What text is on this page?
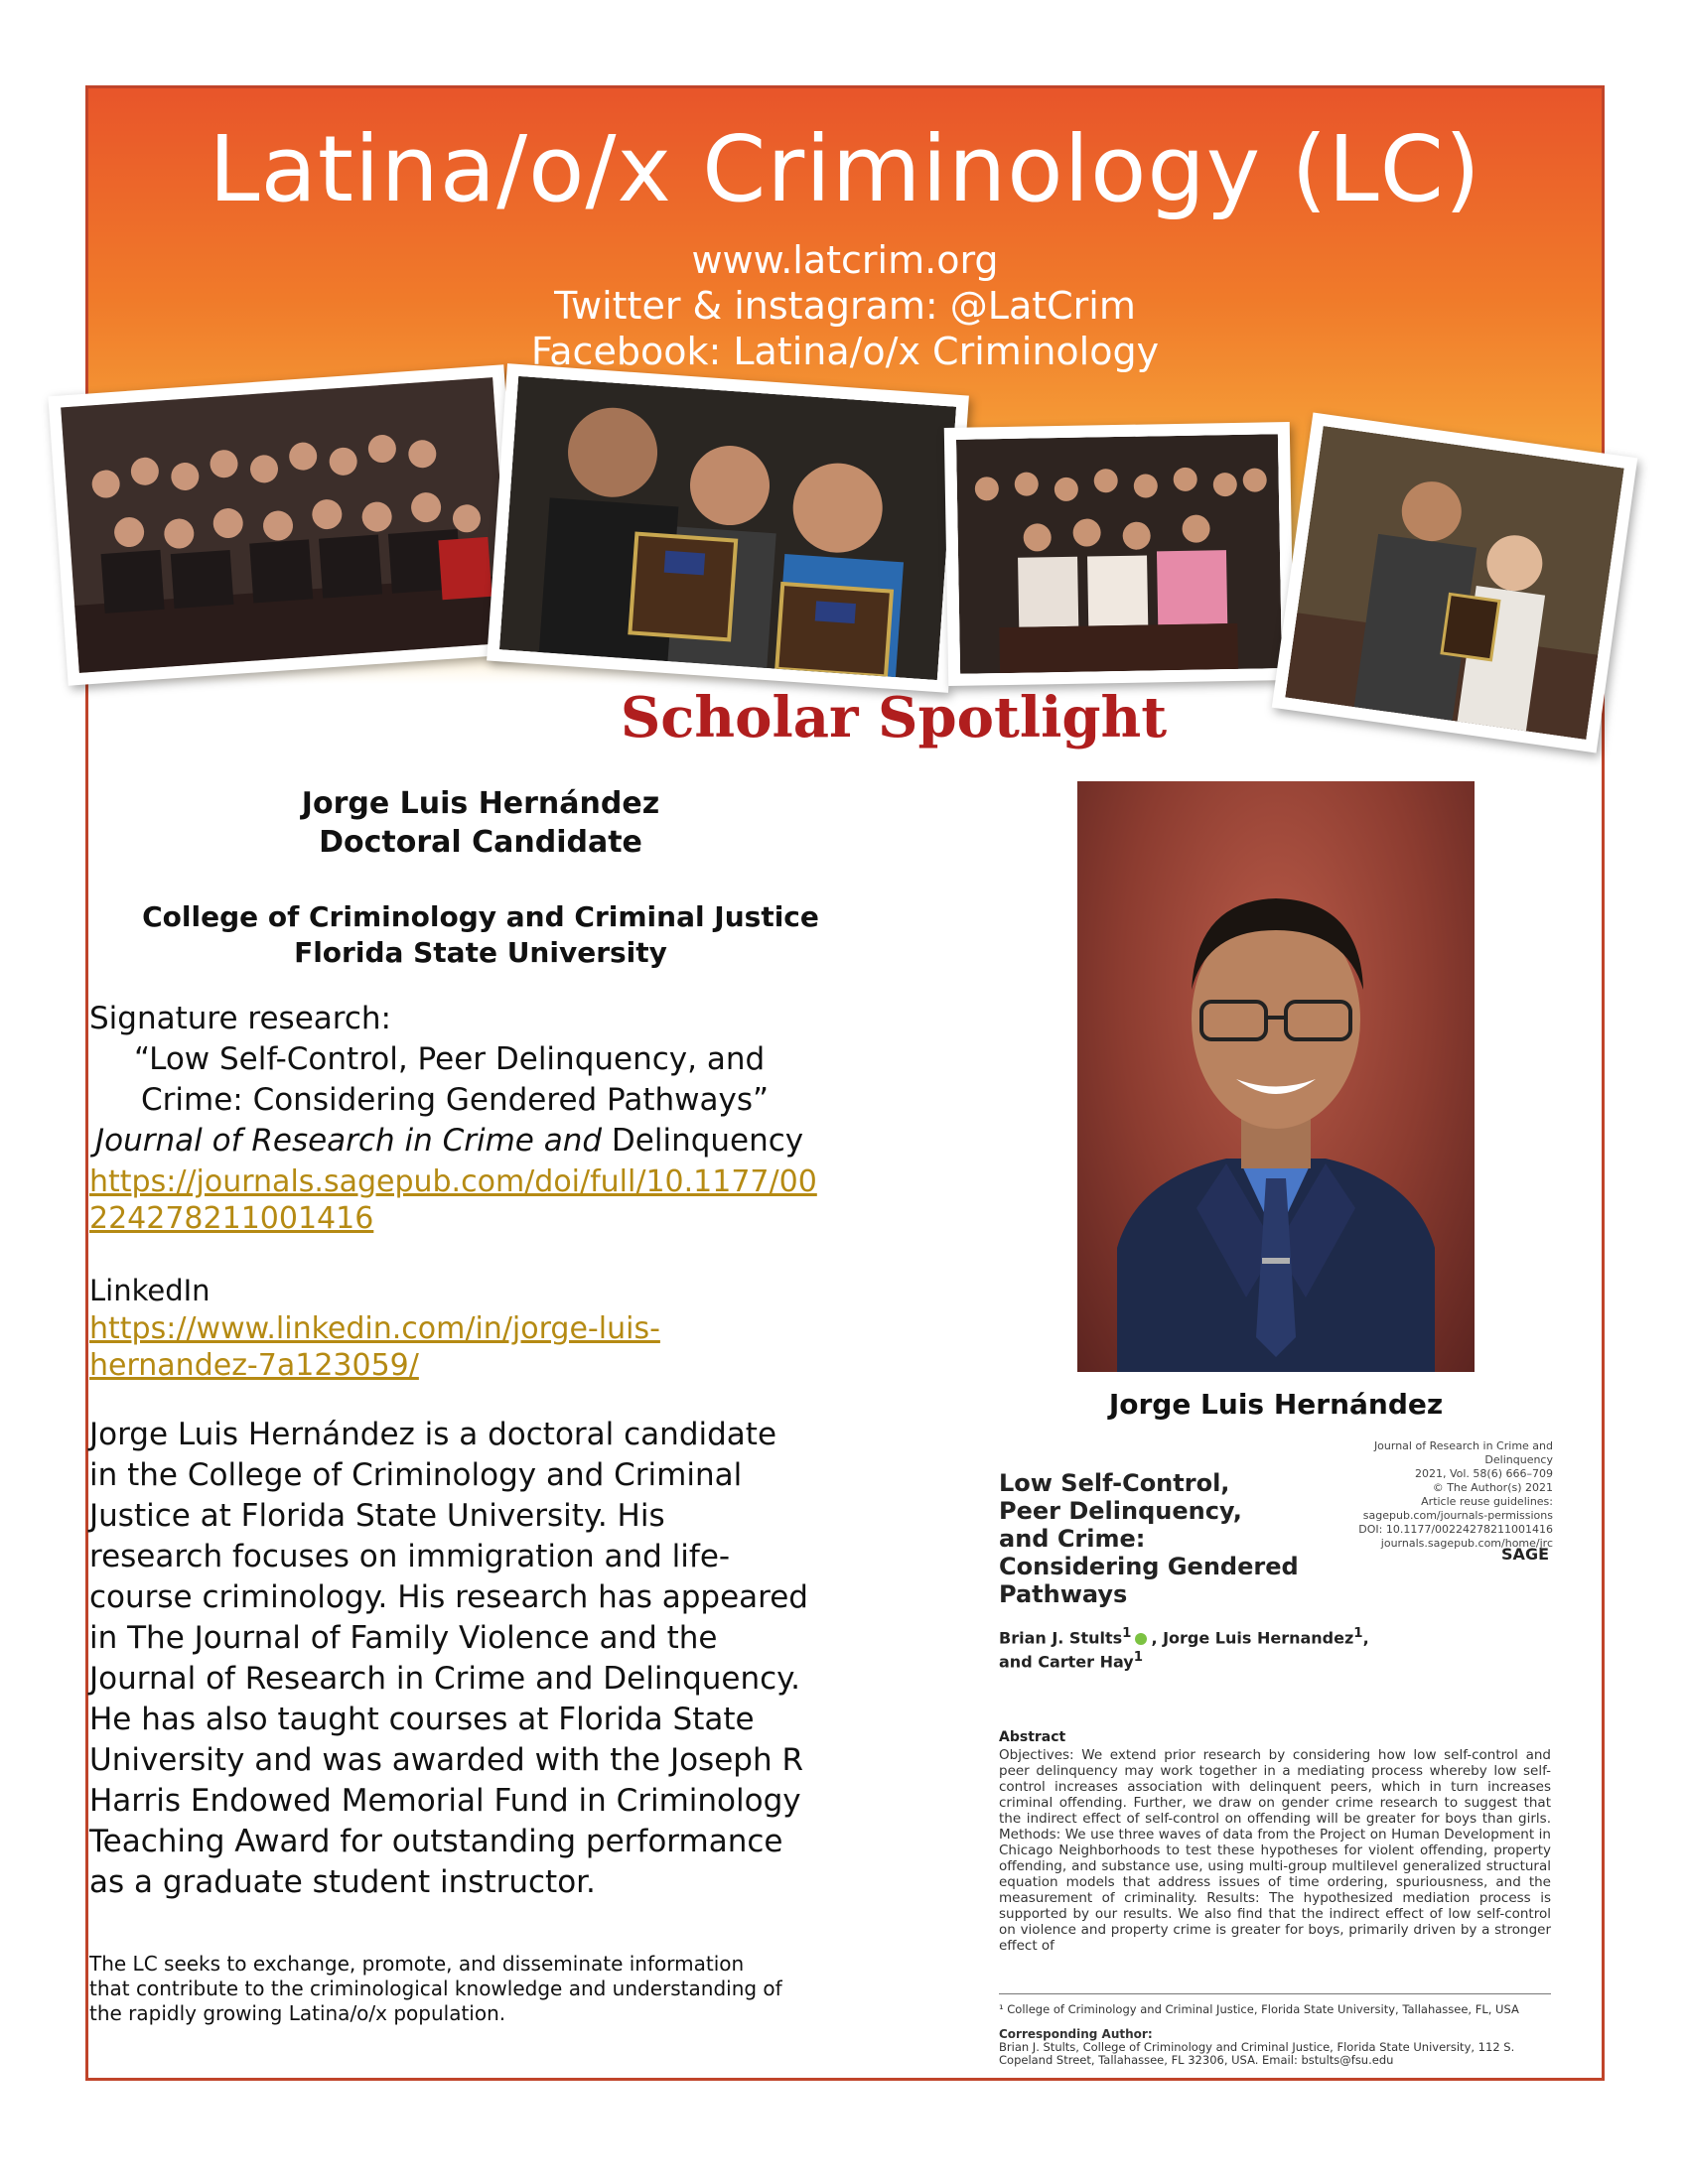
Latina/o/x Criminology (LC)
www.latcrim.org
Twitter & instagram: @LatCrim
Facebook: Latina/o/x Criminology
Scholar Spotlight
Jorge Luis Hernández
Doctoral Candidate
College of Criminology and Criminal Justice
Florida State University
Signature research:
“Low Self-Control, Peer Delinquency, and
Crime: Considering Gendered Pathways”
Journal of Research in Crime and Delinquency
https://journals.sagepub.com/doi/full/10.1177/00
224278211001416
LinkedIn
https://www.linkedin.com/in/jorge-luis-
hernandez-7a123059/
Jorge Luis Hernández is a doctoral candidate
in the College of Criminology and Criminal
Justice at Florida State University. His
research focuses on immigration and life-
course criminology. His research has appeared
in The Journal of Family Violence and the
Journal of Research in Crime and Delinquency.
He has also taught courses at Florida State
University and was awarded with the Joseph R
Harris Endowed Memorial Fund in Criminology
Teaching Award for outstanding performance
as a graduate student instructor.
The LC seeks to exchange, promote, and disseminate information
that contribute to the criminological knowledge and understanding of
the rapidly growing Latina/o/x population.
Jorge Luis Hernández
Journal of Research in Crime and
Delinquency
2021, Vol. 58(6) 666–709
© The Author(s) 2021
Article reuse guidelines:
sagepub.com/journals-permissions
DOI: 10.1177/00224278211001416
journals.sagepub.com/home/jrc
SAGE
Low Self-Control,
Peer Delinquency,
and Crime:
Considering Gendered
Pathways
Brian J. Stults$^1$ , Jorge Luis Hernandez$^1$,
and Carter Hay$^1$
Abstract
Objectives: We extend prior research by considering how low self-control and peer delinquency may work together in a mediating process whereby low self-control increases association with delinquent peers, which in turn increases criminal offending. Further, we draw on gender crime research to suggest that the indirect effect of self-control on offending will be greater for boys than girls. Methods: We use three waves of data from the Project on Human Development in Chicago Neighborhoods to test these hypotheses for violent offending, property offending, and substance use, using multi-group multilevel generalized structural equation models that address issues of time ordering, spuriousness, and the measurement of criminality. Results: The hypothesized mediation process is supported by our results. We also find that the indirect effect of low self-control on violence and property crime is greater for boys, primarily driven by a stronger effect of
¹ College of Criminology and Criminal Justice, Florida State University, Tallahassee, FL, USA
Corresponding Author:
Brian J. Stults, College of Criminology and Criminal Justice, Florida State University, 112 S. Copeland Street, Tallahassee, FL 32306, USA. Email: bstults@fsu.edu
